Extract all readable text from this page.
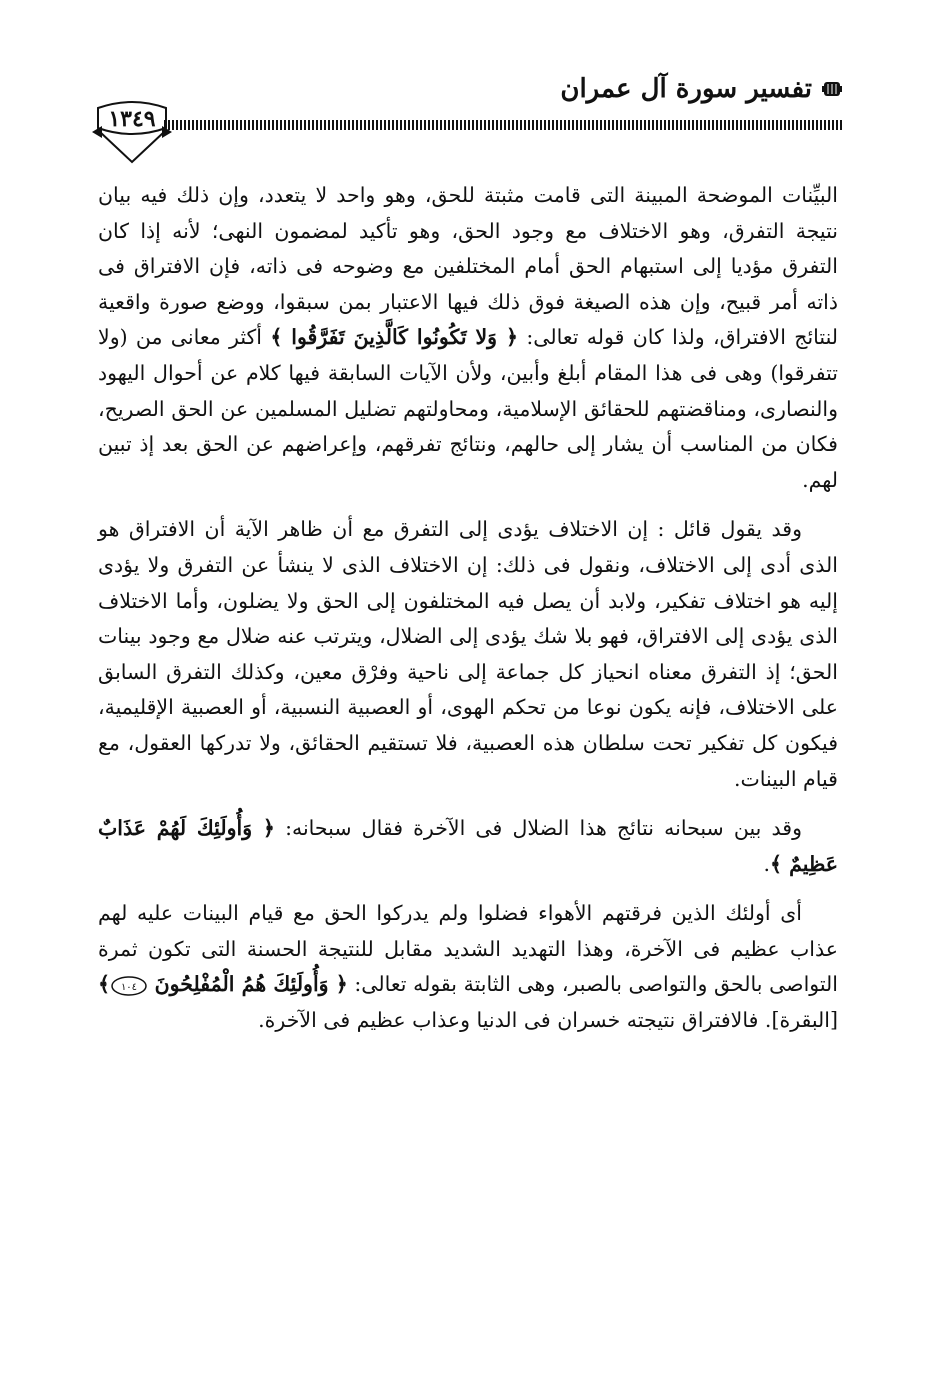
تفسير سورة آل عمران
١٣٤٩

البيِّنات الموضحة المبينة التى قامت مثبتة للحق، وهو واحد لا يتعدد، وإن ذلك فيه بيان نتيجة التفرق، وهو الاختلاف مع وجود الحق، وهو تأكيد لمضمون النهى؛ لأنه إذا كان التفرق مؤديا إلى استبهام الحق أمام المختلفين مع وضوحه فى ذاته، فإن الافتراق فى ذاته أمر قبيح، وإن هذه الصيغة فوق ذلك فيها الاعتبار بمن سبقوا، ووضع صورة واقعية لنتائج الافتراق، ولذا كان قوله تعالى: ﴿ وَلا تَكُونُوا كَالَّذِينَ تَفَرَّقُوا ﴾ أكثر معانى من (ولا تتفرقوا) وهى فى هذا المقام أبلغ وأبين، ولأن الآيات السابقة فيها كلام عن أحوال اليهود والنصارى، ومناقضتهم للحقائق الإسلامية، ومحاولتهم تضليل المسلمين عن الحق الصريح، فكان من المناسب أن يشار إلى حالهم، ونتائج تفرقهم، وإعراضهم عن الحق بعد إذ تبين لهم.

وقد يقول قائل : إن الاختلاف يؤدى إلى التفرق مع أن ظاهر الآية أن الافتراق هو الذى أدى إلى الاختلاف، ونقول فى ذلك: إن الاختلاف الذى لا ينشأ عن التفرق ولا يؤدى إليه هو اختلاف تفكير، ولابد أن يصل فيه المختلفون إلى الحق ولا يضلون، وأما الاختلاف الذى يؤدى إلى الافتراق، فهو بلا شك يؤدى إلى الضلال، ويترتب عنه ضلال مع وجود بينات الحق؛ إذ التفرق معناه انحياز كل جماعة إلى ناحية وفرْق معين، وكذلك التفرق السابق على الاختلاف، فإنه يكون نوعا من تحكم الهوى، أو العصبية النسبية، أو العصبية الإقليمية، فيكون كل تفكير تحت سلطان هذه العصبية، فلا تستقيم الحقائق، ولا تدركها العقول، مع قيام البينات.

وقد بين سبحانه نتائج هذا الضلال فى الآخرة فقال سبحانه: ﴿ وَأُولَئِكَ لَهُمْ عَذَابٌ عَظِيمٌ ﴾.

أى أولئك الذين فرقتهم الأهواء فضلوا ولم يدركوا الحق مع قيام البينات عليه لهم عذاب عظيم فى الآخرة، وهذا التهديد الشديد مقابل للنتيجة الحسنة التى تكون ثمرة التواصى بالحق والتواصى بالصبر، وهى الثابتة بقوله تعالى: ﴿ وَأُولَئِكَ هُمُ الْمُفْلِحُونَ
١٠٤
﴾ [البقرة]. فالافتراق نتيجته خسران فى الدنيا وعذاب عظيم فى الآخرة.
